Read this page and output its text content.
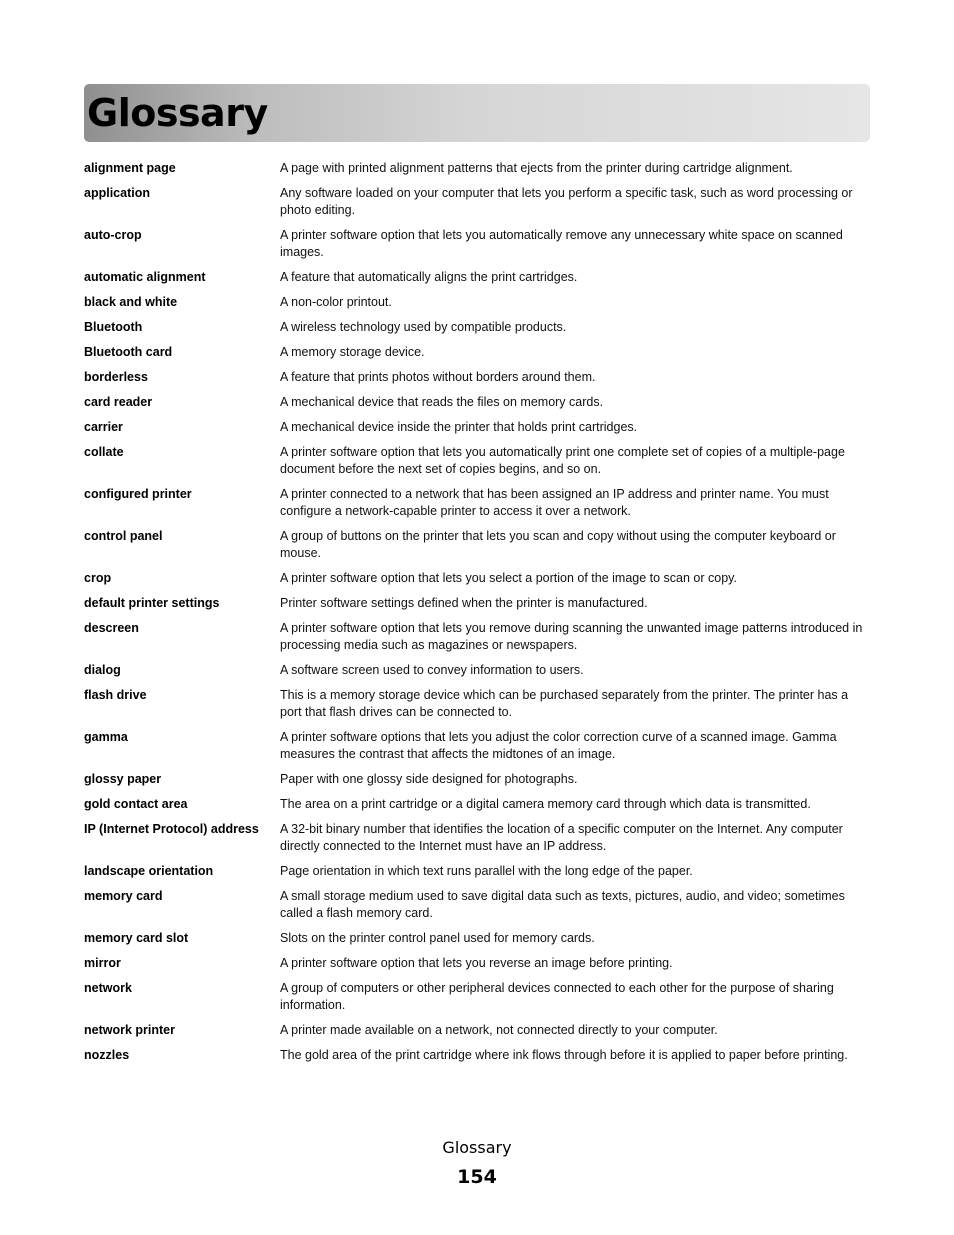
Glossary
alignment page	A page with printed alignment patterns that ejects from the printer during cartridge alignment.
application	Any software loaded on your computer that lets you perform a specific task, such as word processing or photo editing.
auto-crop	A printer software option that lets you automatically remove any unnecessary white space on scanned images.
automatic alignment	A feature that automatically aligns the print cartridges.
black and white	A non-color printout.
Bluetooth	A wireless technology used by compatible products.
Bluetooth card	A memory storage device.
borderless	A feature that prints photos without borders around them.
card reader	A mechanical device that reads the files on memory cards.
carrier	A mechanical device inside the printer that holds print cartridges.
collate	A printer software option that lets you automatically print one complete set of copies of a multiple-page document before the next set of copies begins, and so on.
configured printer	A printer connected to a network that has been assigned an IP address and printer name. You must configure a network-capable printer to access it over a network.
control panel	A group of buttons on the printer that lets you scan and copy without using the computer keyboard or mouse.
crop	A printer software option that lets you select a portion of the image to scan or copy.
default printer settings	Printer software settings defined when the printer is manufactured.
descreen	A printer software option that lets you remove during scanning the unwanted image patterns introduced in processing media such as magazines or newspapers.
dialog	A software screen used to convey information to users.
flash drive	This is a memory storage device which can be purchased separately from the printer. The printer has a port that flash drives can be connected to.
gamma	A printer software options that lets you adjust the color correction curve of a scanned image. Gamma measures the contrast that affects the midtones of an image.
glossy paper	Paper with one glossy side designed for photographs.
gold contact area	The area on a print cartridge or a digital camera memory card through which data is transmitted.
IP (Internet Protocol) address	A 32-bit binary number that identifies the location of a specific computer on the Internet. Any computer directly connected to the Internet must have an IP address.
landscape orientation	Page orientation in which text runs parallel with the long edge of the paper.
memory card	A small storage medium used to save digital data such as texts, pictures, audio, and video; sometimes called a flash memory card.
memory card slot	Slots on the printer control panel used for memory cards.
mirror	A printer software option that lets you reverse an image before printing.
network	A group of computers or other peripheral devices connected to each other for the purpose of sharing information.
network printer	A printer made available on a network, not connected directly to your computer.
nozzles	The gold area of the print cartridge where ink flows through before it is applied to paper before printing.
Glossary
154
